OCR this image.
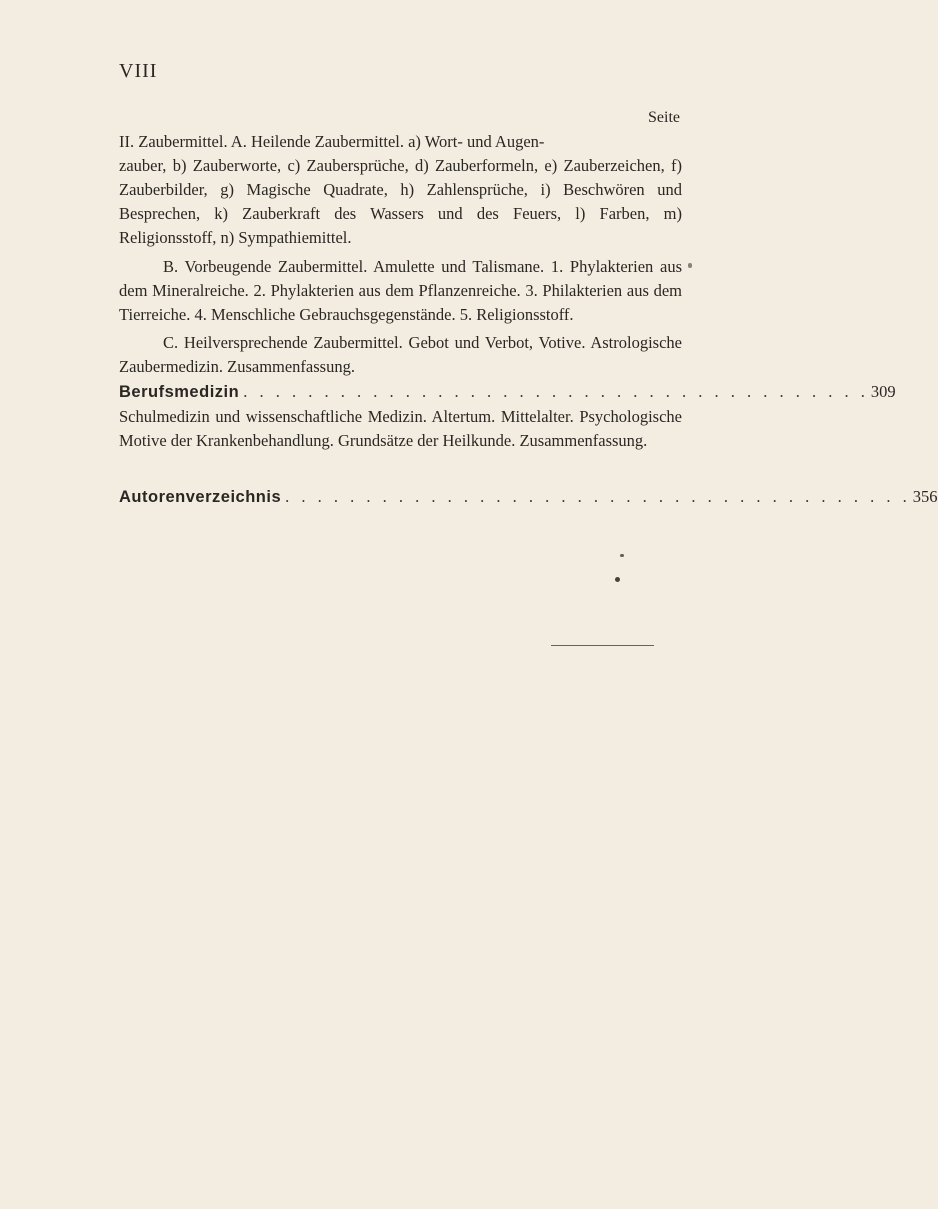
VIII
Seite
II. Zaubermittel. A. Heilende Zaubermittel. a) Wort- und Augen-
zauber, b) Zauberworte, c) Zaubersprüche, d) Zauberformeln, e) Zauberzeichen, f) Zauberbilder, g) Magische Quadrate, h) Zahlensprüche, i) Beschwören und Besprechen, k) Zauberkraft des Wassers und des Feuers, l) Farben, m) Religionsstoff, n) Sympathiemittel.
B. Vorbeugende Zaubermittel. Amulette und Talismane. 1. Phylakterien aus dem Mineralreiche. 2. Phylakterien aus dem Pflanzenreiche. 3. Philakterien aus dem Tierreiche. 4. Menschliche Gebrauchsgegenstände. 5. Religionsstoff.
C. Heilversprechende Zaubermittel. Gebot und Verbot, Votive. Astrologische Zaubermedizin. Zusammenfassung.
Berufsmedizin . . . . . . . . . . . . . . . . . . . . . . . . . . . . . . . . . . . . . . . 309
Schulmedizin und wissenschaftliche Medizin. Altertum. Mittelalter. Psychologische Motive der Krankenbehandlung. Grundsätze der Heilkunde. Zusammenfassung.
Autorenverzeichnis . . . . . . . . . . . . . . . . . . . . . . . . . . . . . . . . . . . . . . . 356
